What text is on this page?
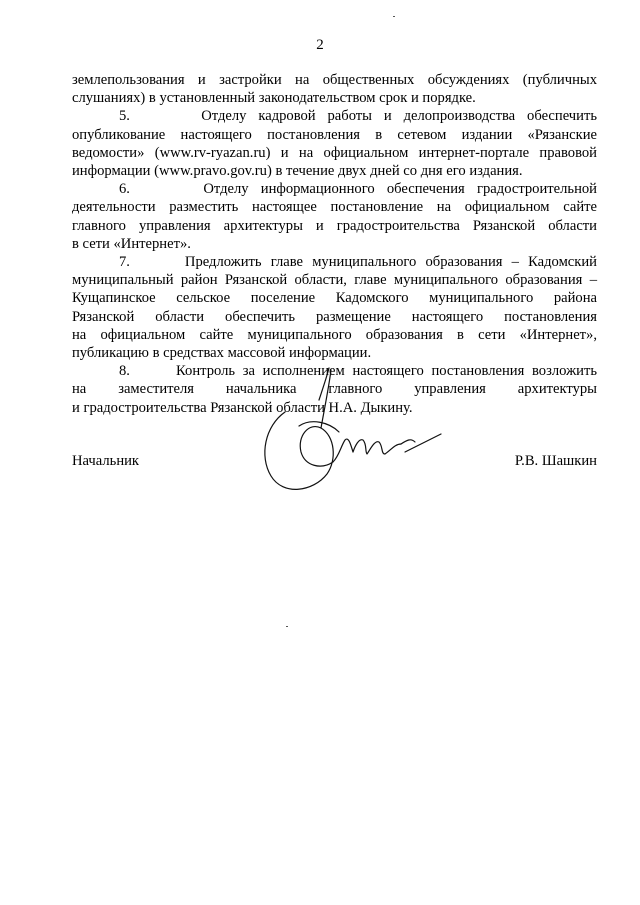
2

землепользования и застройки на общественных обсуждениях (публичных
слушаниях) в установленный законодательством срок и порядке.

5.      Отделу кадровой работы и делопроизводства обеспечить
опубликование настоящего постановления в сетевом издании «Рязанские
ведомости» (www.rv-ryazan.ru) и на официальном интернет-портале правовой
информации (www.pravo.gov.ru) в течение двух дней со дня его издания.

6.      Отделу информационного обеспечения градостроительной
деятельности разместить настоящее постановление на официальном сайте
главного управления архитектуры и градостроительства Рязанской области
в сети «Интернет».

7.      Предложить главе муниципального образования – Кадомский
муниципальный район Рязанской области, главе муниципального образования –
Кущапинское сельское поселение Кадомского муниципального района
Рязанской области обеспечить размещение настоящего постановления
на официальном сайте муниципального образования в сети «Интернет»,
публикацию в средствах массовой информации.

8.      Контроль за исполнением настоящего постановления возложить
на заместителя начальника главного управления архитектуры
и градостроительства Рязанской области Н.А. Дыкину.

Начальник	Р.В. Шашкин
